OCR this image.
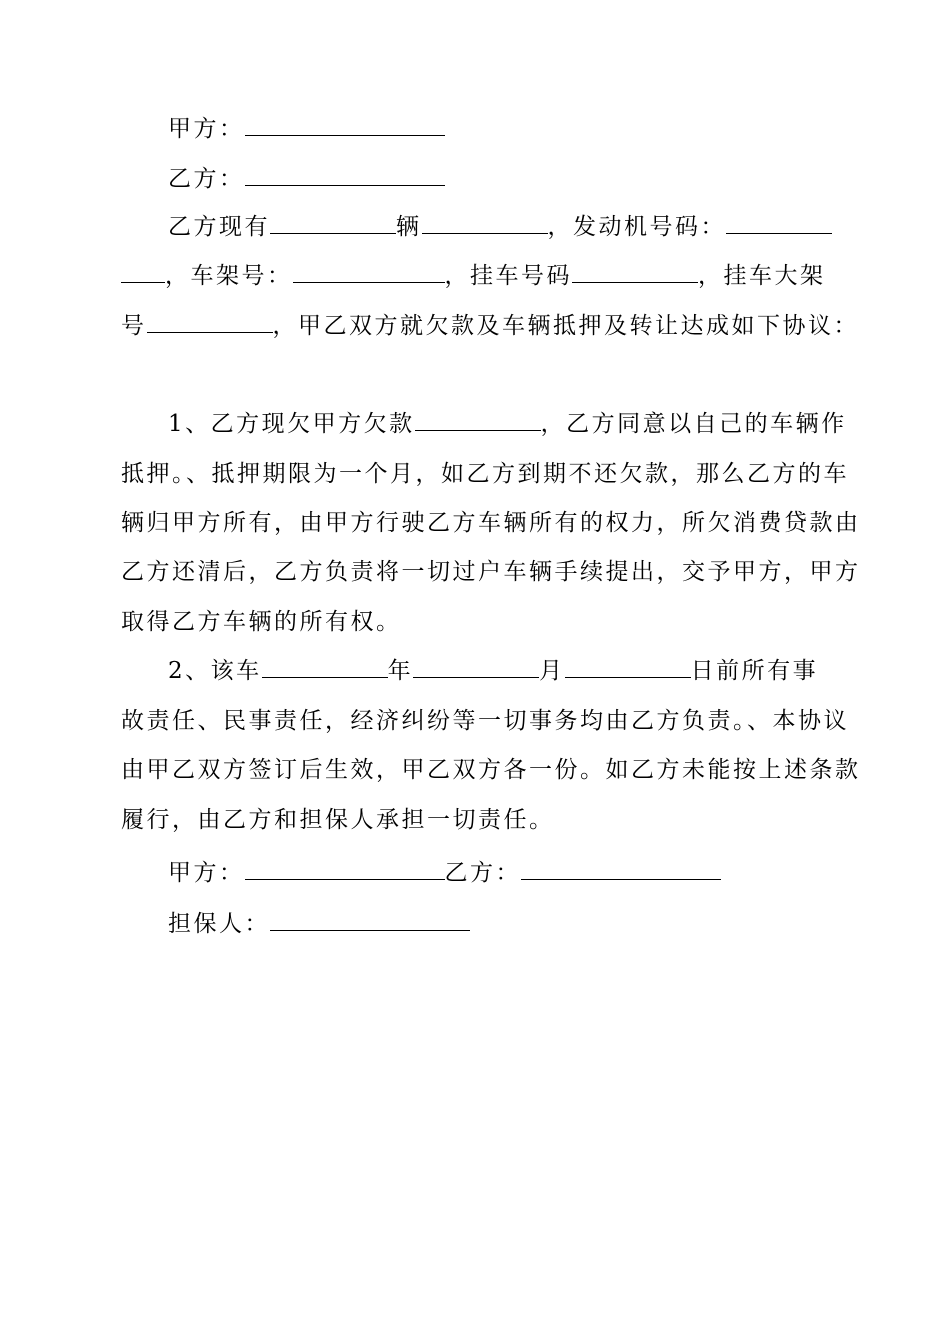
甲方：
乙方：
乙方现有	辆	，发动机号码：
，车架号：	，挂车号码	，挂车大架
号	，甲乙双方就欠款及车辆抵押及转让达成如下协议：
1、乙方现欠甲方欠款	，乙方同意以自己的车辆作
抵押。、抵押期限为一个月，如乙方到期不还欠款，那么乙方的车
辆归甲方所有，由甲方行驶乙方车辆所有的权力，所欠消费贷款由
乙方还清后，乙方负责将一切过户车辆手续提出，交予甲方，甲方
取得乙方车辆的所有权。
2、该车	年	月	日前所有事
故责任、民事责任，经济纠纷等一切事务均由乙方负责。、本协议
由甲乙双方签订后生效，甲乙双方各一份。如乙方未能按上述条款
履行，由乙方和担保人承担一切责任。
甲方：	乙方：
担保人：
